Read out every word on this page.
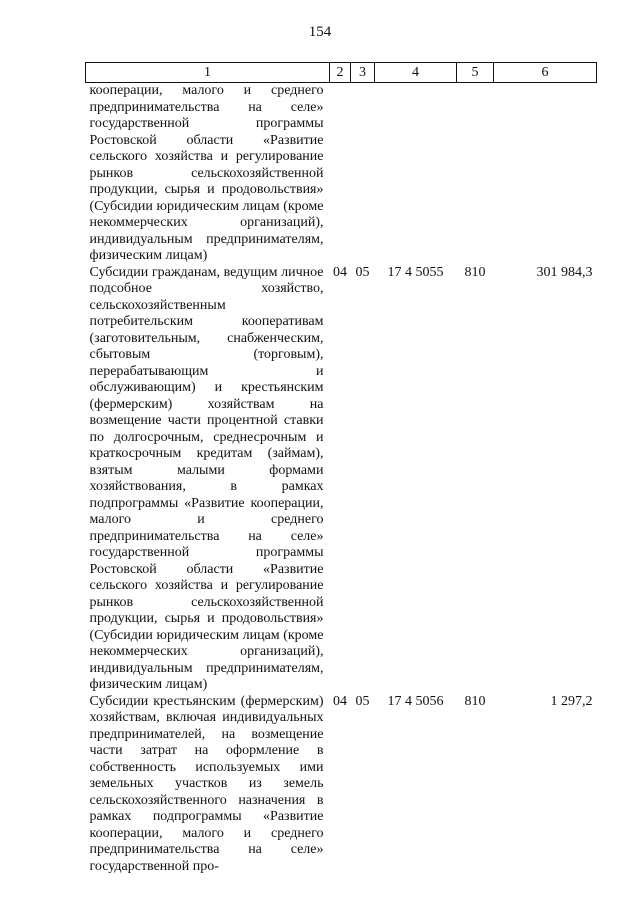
154
1	2	3	4	5	6
кооперации, малого и среднего предпринимательства на селе» государственной программы Ростовской области «Развитие сельского хозяйства и регулирование рынков сельскохозяйственной продукции, сырья и продовольствия» (Субсидии юридическим лицам (кроме некоммерческих организаций), индивидуальным предпринимателям, физическим лицам)					
Субсидии гражданам, ведущим личное подсобное хозяйство, сельскохозяйственным потребительским кооперативам (заготовительным, снабженческим, сбытовым (торговым), перерабатывающим и обслуживающим) и крестьянским (фермерским) хозяйствам на возмещение части процентной ставки по долгосрочным, среднесрочным и краткосрочным кредитам (займам), взятым малыми формами хозяйствования, в рамках подпрограммы «Развитие кооперации, малого и среднего предпринимательства на селе» государственной программы Ростовской области «Развитие сельского хозяйства и регулирование рынков сельскохозяйственной продукции, сырья и продовольствия» (Субсидии юридическим лицам (кроме некоммерческих организаций), индивидуальным предпринимателям, физическим лицам)	04	05	17 4 5055	810	301 984,3
Субсидии крестьянским (фермерским) хозяйствам, включая индивидуальных предпринимателей, на возмещение части затрат на оформление в собственность используемых ими земельных участков из земель сельскохозяйственного назначения в рамках подпрограммы «Развитие кооперации, малого и среднего предпринимательства на селе» государственной про-	04	05	17 4 5056	810	1 297,2
